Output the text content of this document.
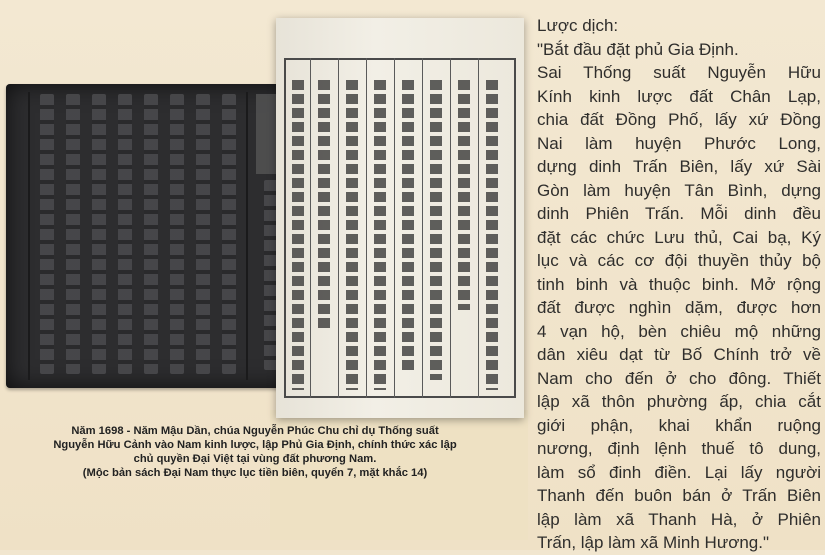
Năm 1698 - Năm Mậu Dần, chúa Nguyễn Phúc Chu chỉ dụ Thống suất
Nguyễn Hữu Cảnh vào Nam kinh lược, lập Phủ Gia Định, chính thức xác lập
chủ quyền Đại Việt tại vùng đất phương Nam.
(Mộc bản sách Đại Nam thực lục tiền biên, quyển 7, mặt khắc 14)
Lược dịch:
"Bắt đầu đặt phủ Gia Định.
Sai Thống suất Nguyễn Hữu
Kính kinh lược đất Chân Lạp,
chia đất Đồng Phố, lấy xứ Đồng
Nai làm huyện Phước Long,
dựng dinh Trấn Biên, lấy xứ Sài
Gòn làm huyện Tân Bình, dựng
dinh Phiên Trấn. Mỗi dinh đều
đặt các chức Lưu thủ, Cai bạ, Ký
lục và các cơ đội thuyền thủy bộ
tinh binh và thuộc binh. Mở rộng
đất được nghìn dặm, được hơn
4 vạn hộ, bèn chiêu mộ những
dân xiêu dạt từ Bố Chính trở về
Nam cho đến ở cho đông. Thiết
lập xã thôn phường ấp, chia cắt
giới phận, khai khẩn ruộng
nương, định lệnh thuế tô dung,
làm sổ đinh điền. Lại lấy người
Thanh đến buôn bán ở Trấn Biên
lập làm xã Thanh Hà, ở Phiên
Trấn, lập làm xã Minh Hương."
